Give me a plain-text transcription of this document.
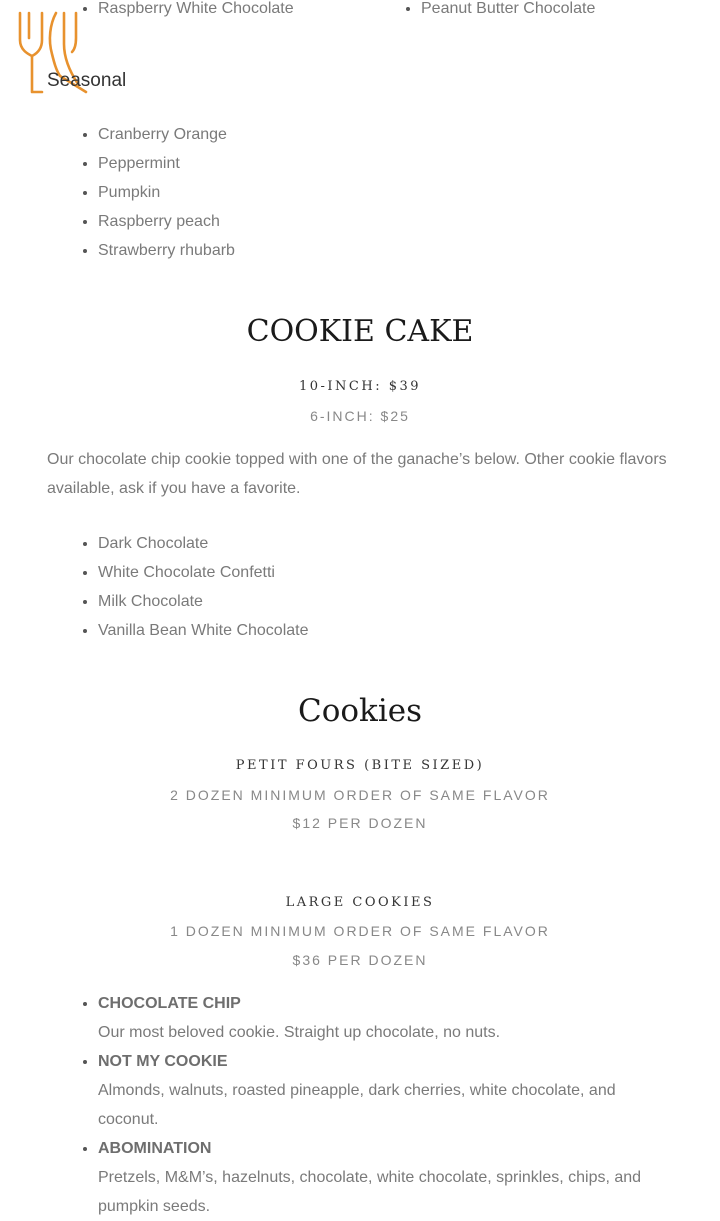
• Raspberry White Chocolate
•	Peanut Butter Chocolate
Seasonal
• Cranberry Orange
• Peppermint
• Pumpkin
• Raspberry peach
• Strawberry rhubarb
COOKIE CAKE
10-INCH: $39
6-INCH: $25
Our chocolate chip cookie topped with one of the ganache’s below. Other cookie flavors available, ask if you have a favorite.
• Dark Chocolate
• White Chocolate Confetti
• Milk Chocolate
• Vanilla Bean White Chocolate
Cookies
PETIT FOURS (BITE SIZED)
2 DOZEN MINIMUM ORDER OF SAME FLAVOR
$12 PER DOZEN
LARGE COOKIES
1 DOZEN MINIMUM ORDER OF SAME FLAVOR
$36 PER DOZEN
• CHOCOLATE CHIP
Our most beloved cookie. Straight up chocolate, no nuts.
• NOT MY COOKIE
Almonds, walnuts, roasted pineapple, dark cherries, white chocolate, and coconut.
• ABOMINATION
Pretzels, M&M’s, hazelnuts, chocolate, white chocolate, sprinkles, chips, and pumpkin seeds.
